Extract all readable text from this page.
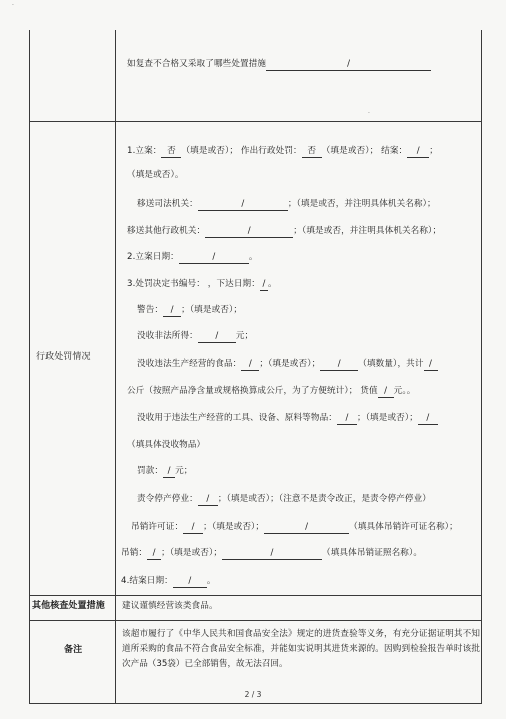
如复查不合格又采取了哪些处置措施	/
行政处罚情况
1.立案： 否 （填是或否）； 作出行政处罚： 否 （填是或否）； 结案： / ；
（填是或否）。
移送司法机关：	/	；（填是或否，并注明具体机关名称）；
移送其他行政机关：	/	；（填是或否，并注明具体机关名称）；
2.立案日期：	/	。
3.处罚决定书编号： ，下达日期： / 。
警告： / ；（填是或否）；
没收非法所得： / 元；
没收违法生产经营的食品： / ；（填是或否）； / （填数量），共计 /
公斤（按照产品净含量或规格换算成公斤，为了方便统计）； 货值 / 元。。
没收用于违法生产经营的工具、设备、原料等物品： / ；（填是或否）； /
（填具体没收物品）
罚款： / 元；
责令停产停业： / ；（填是或否）；（注意不是责令改正，是责令停产停业）
吊销许可证： / ；（填是或否）；	/	（填具体吊销许可证名称）；
吊销： / ；（填是或否）；	/	（填具体吊销证照名称）。
4.结案日期： / 。
其他核查处置措施 建议谨慎经营该类食品。
备注
该超市履行了《中华人民共和国食品安全法》规定的进货查验等义务，有充分证据证明其不知道所采购的食品不符合食品安全标准，并能如实说明其进货来源的。因购到检验报告单时该批次产品（35袋）已全部销售，故无法召回。
2 / 3
·
·
